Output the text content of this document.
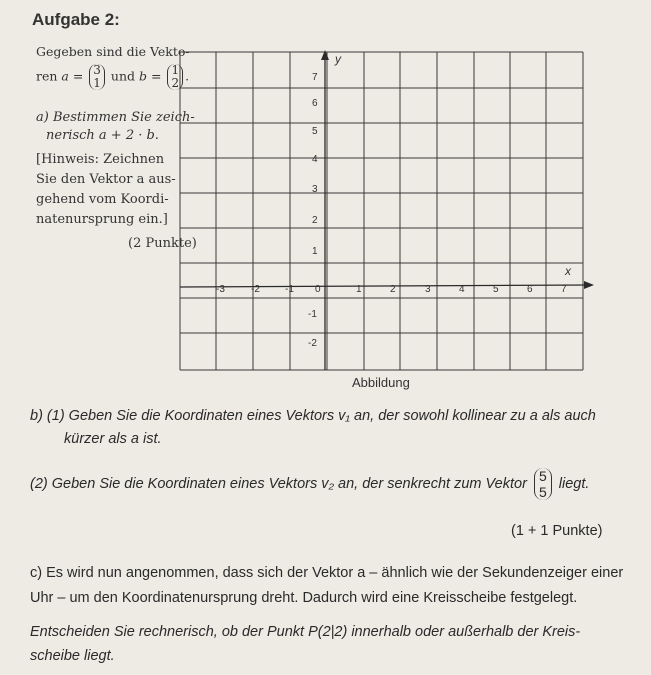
Aufgabe 2:
Gegeben sind die Vekto-
ren a = 3
1 und b = 1
2 .
a) Bestimmen Sie zeich-
nerisch a + 2 · b.
[Hinweis: Zeichnen
Sie den Vektor a aus-
gehend vom Koordi-
natenursprung ein.]
(2 Punkte)
y
x
-3	-2	-1 0	1	2	3	4	5	6	7
7
6
5
4
3
2
1
-1
-2
Abbildung
b) (1) Geben Sie die Koordinaten eines Vektors v₁ an, der sowohl kollinear zu a als auch
kürzer als a ist.
(2) Geben Sie die Koordinaten eines Vektors v₂ an, der senkrecht zum Vektor 5
5 liegt.
(1 + 1 Punkte)
c) Es wird nun angenommen, dass sich der Vektor a – ähnlich wie der Sekundenzeiger einer
Uhr – um den Koordinatenursprung dreht. Dadurch wird eine Kreisscheibe festgelegt.
Entscheiden Sie rechnerisch, ob der Punkt P(2|2) innerhalb oder außerhalb der Kreis-
scheibe liegt.
